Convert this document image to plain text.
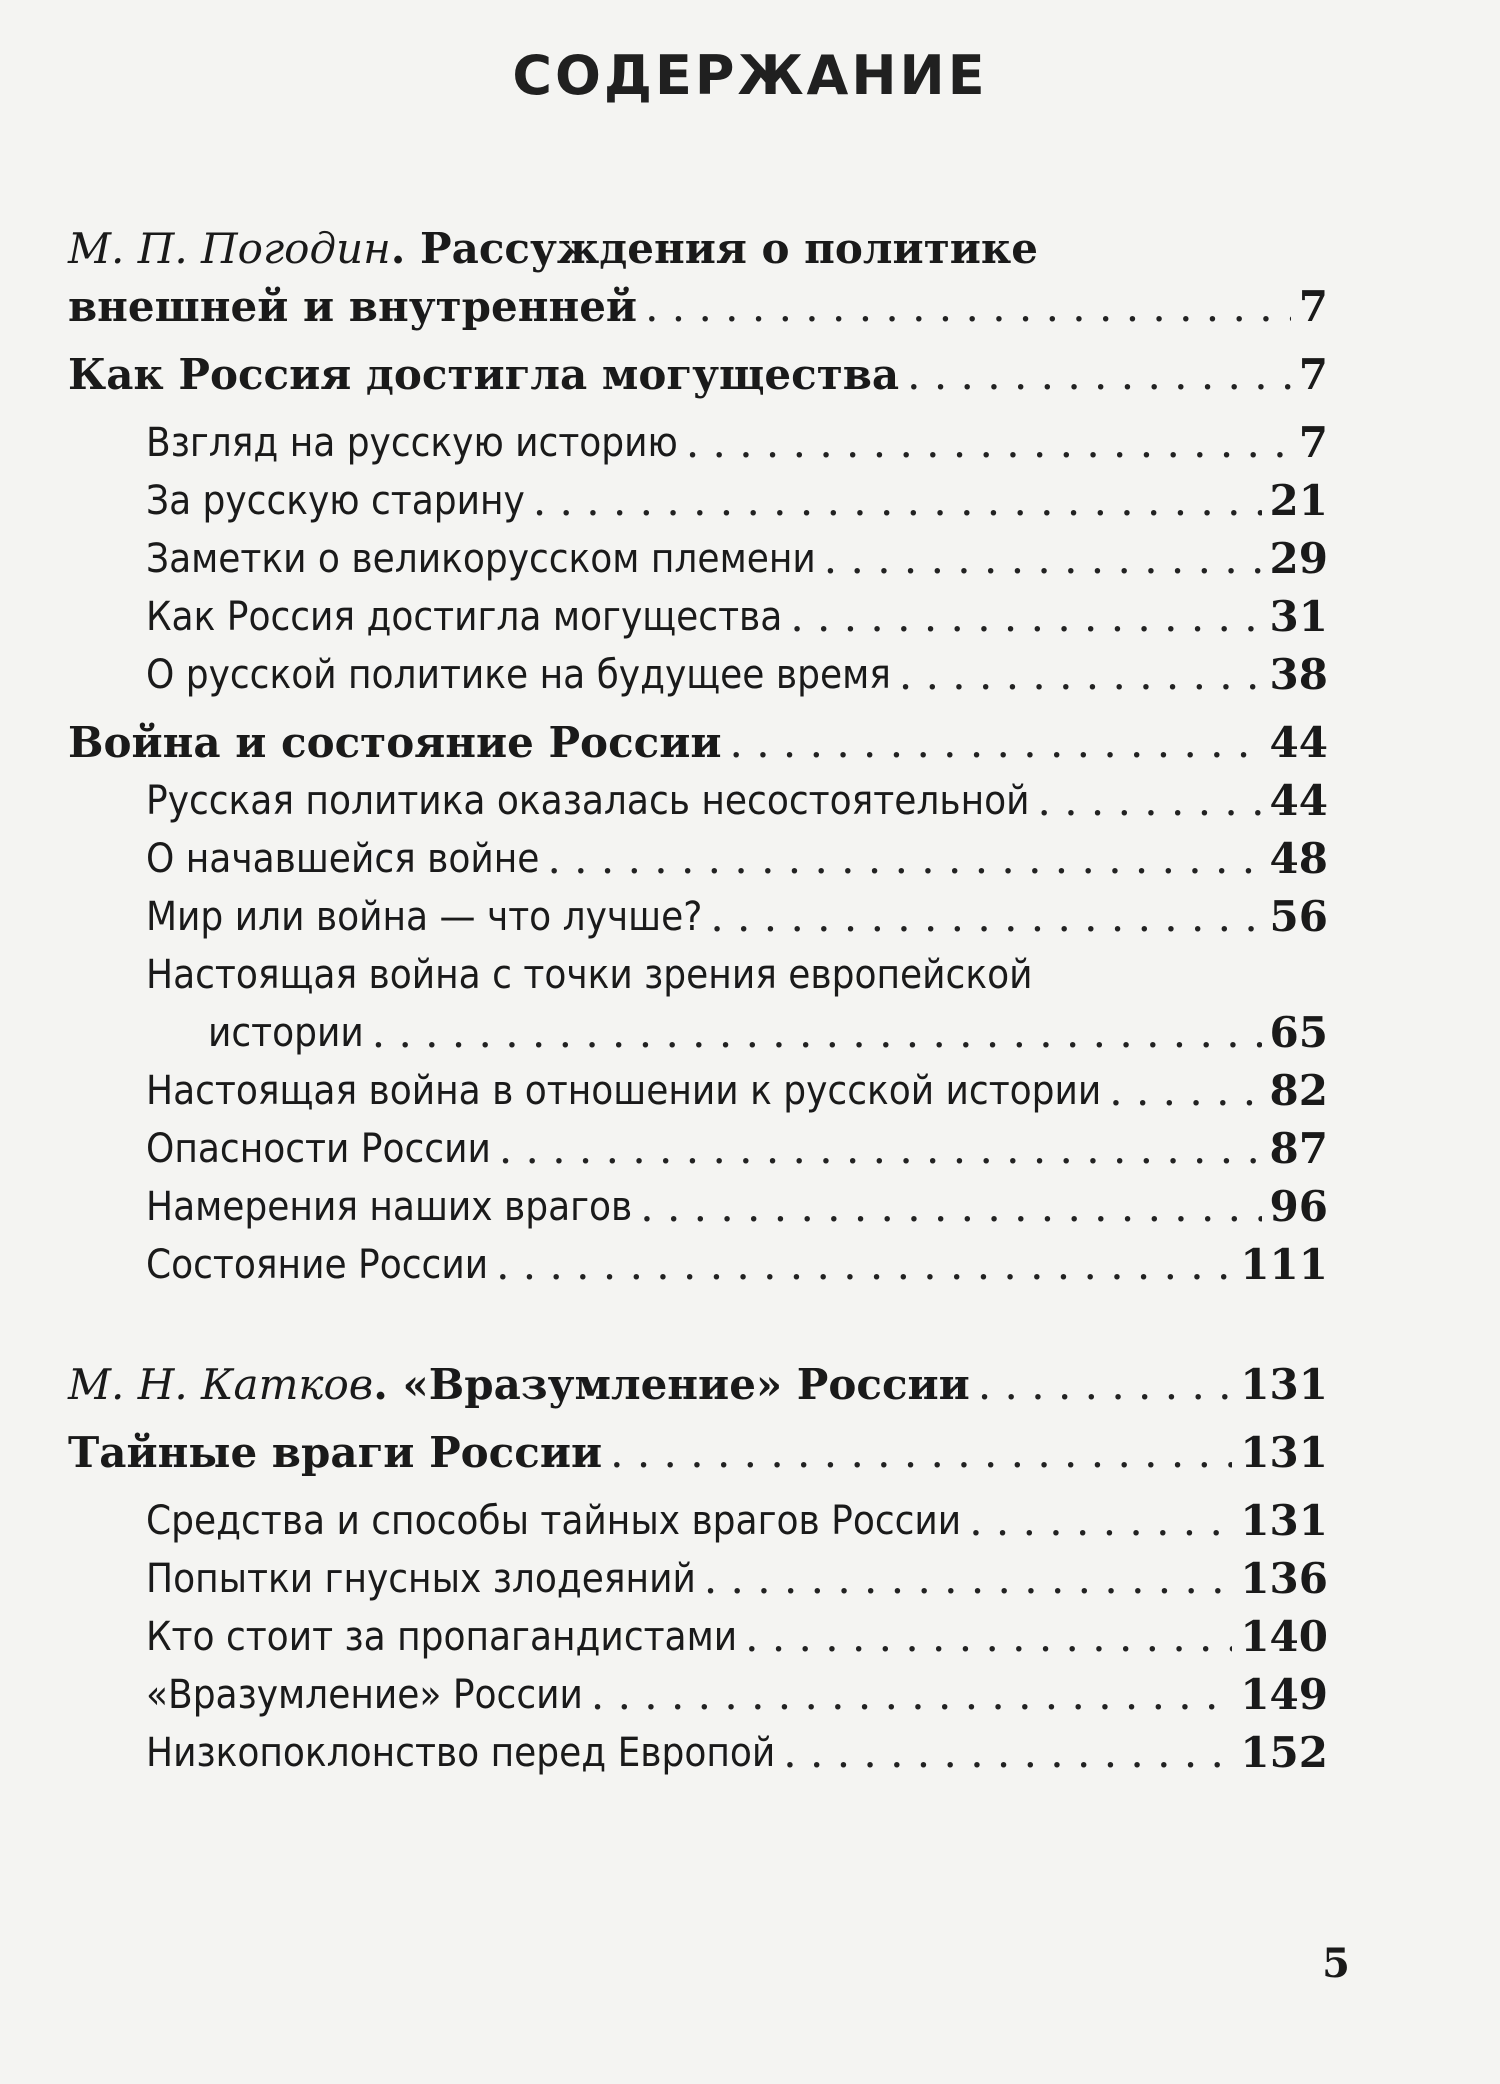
СОДЕРЖАНИЕ
М. П. Погодин. Рассуждения о политике
внешней и внутренней . . .	7
Как Россия достигла могущества . . .	7
Взгляд на русскую историю . . .	7
За русскую старину . . .	21
Заметки о великорусском племени . . .	29
Как Россия достигла могущества . . .	31
О русской политике на будущее время . . .	38
Война и состояние России . . .	44
Русская политика оказалась несостоятельной . . .	44
О начавшейся войне . . .	48
Мир или война — что лучше? . . .	56
Настоящая война с точки зрения европейской
истории . . .	65
Настоящая война в отношении к русской истории . . .	82
Опасности России . . .	87
Намерения наших врагов . . .	96
Состояние России . . .	111
М. Н. Катков. «Вразумление» России . . .	131
Тайные враги России . . .	131
Средства и способы тайных врагов России . . .	131
Попытки гнусных злодеяний . . .	136
Кто стоит за пропагандистами . . .	140
«Вразумление» России . . .	149
Низкопоклонство перед Европой . . .	152
5
